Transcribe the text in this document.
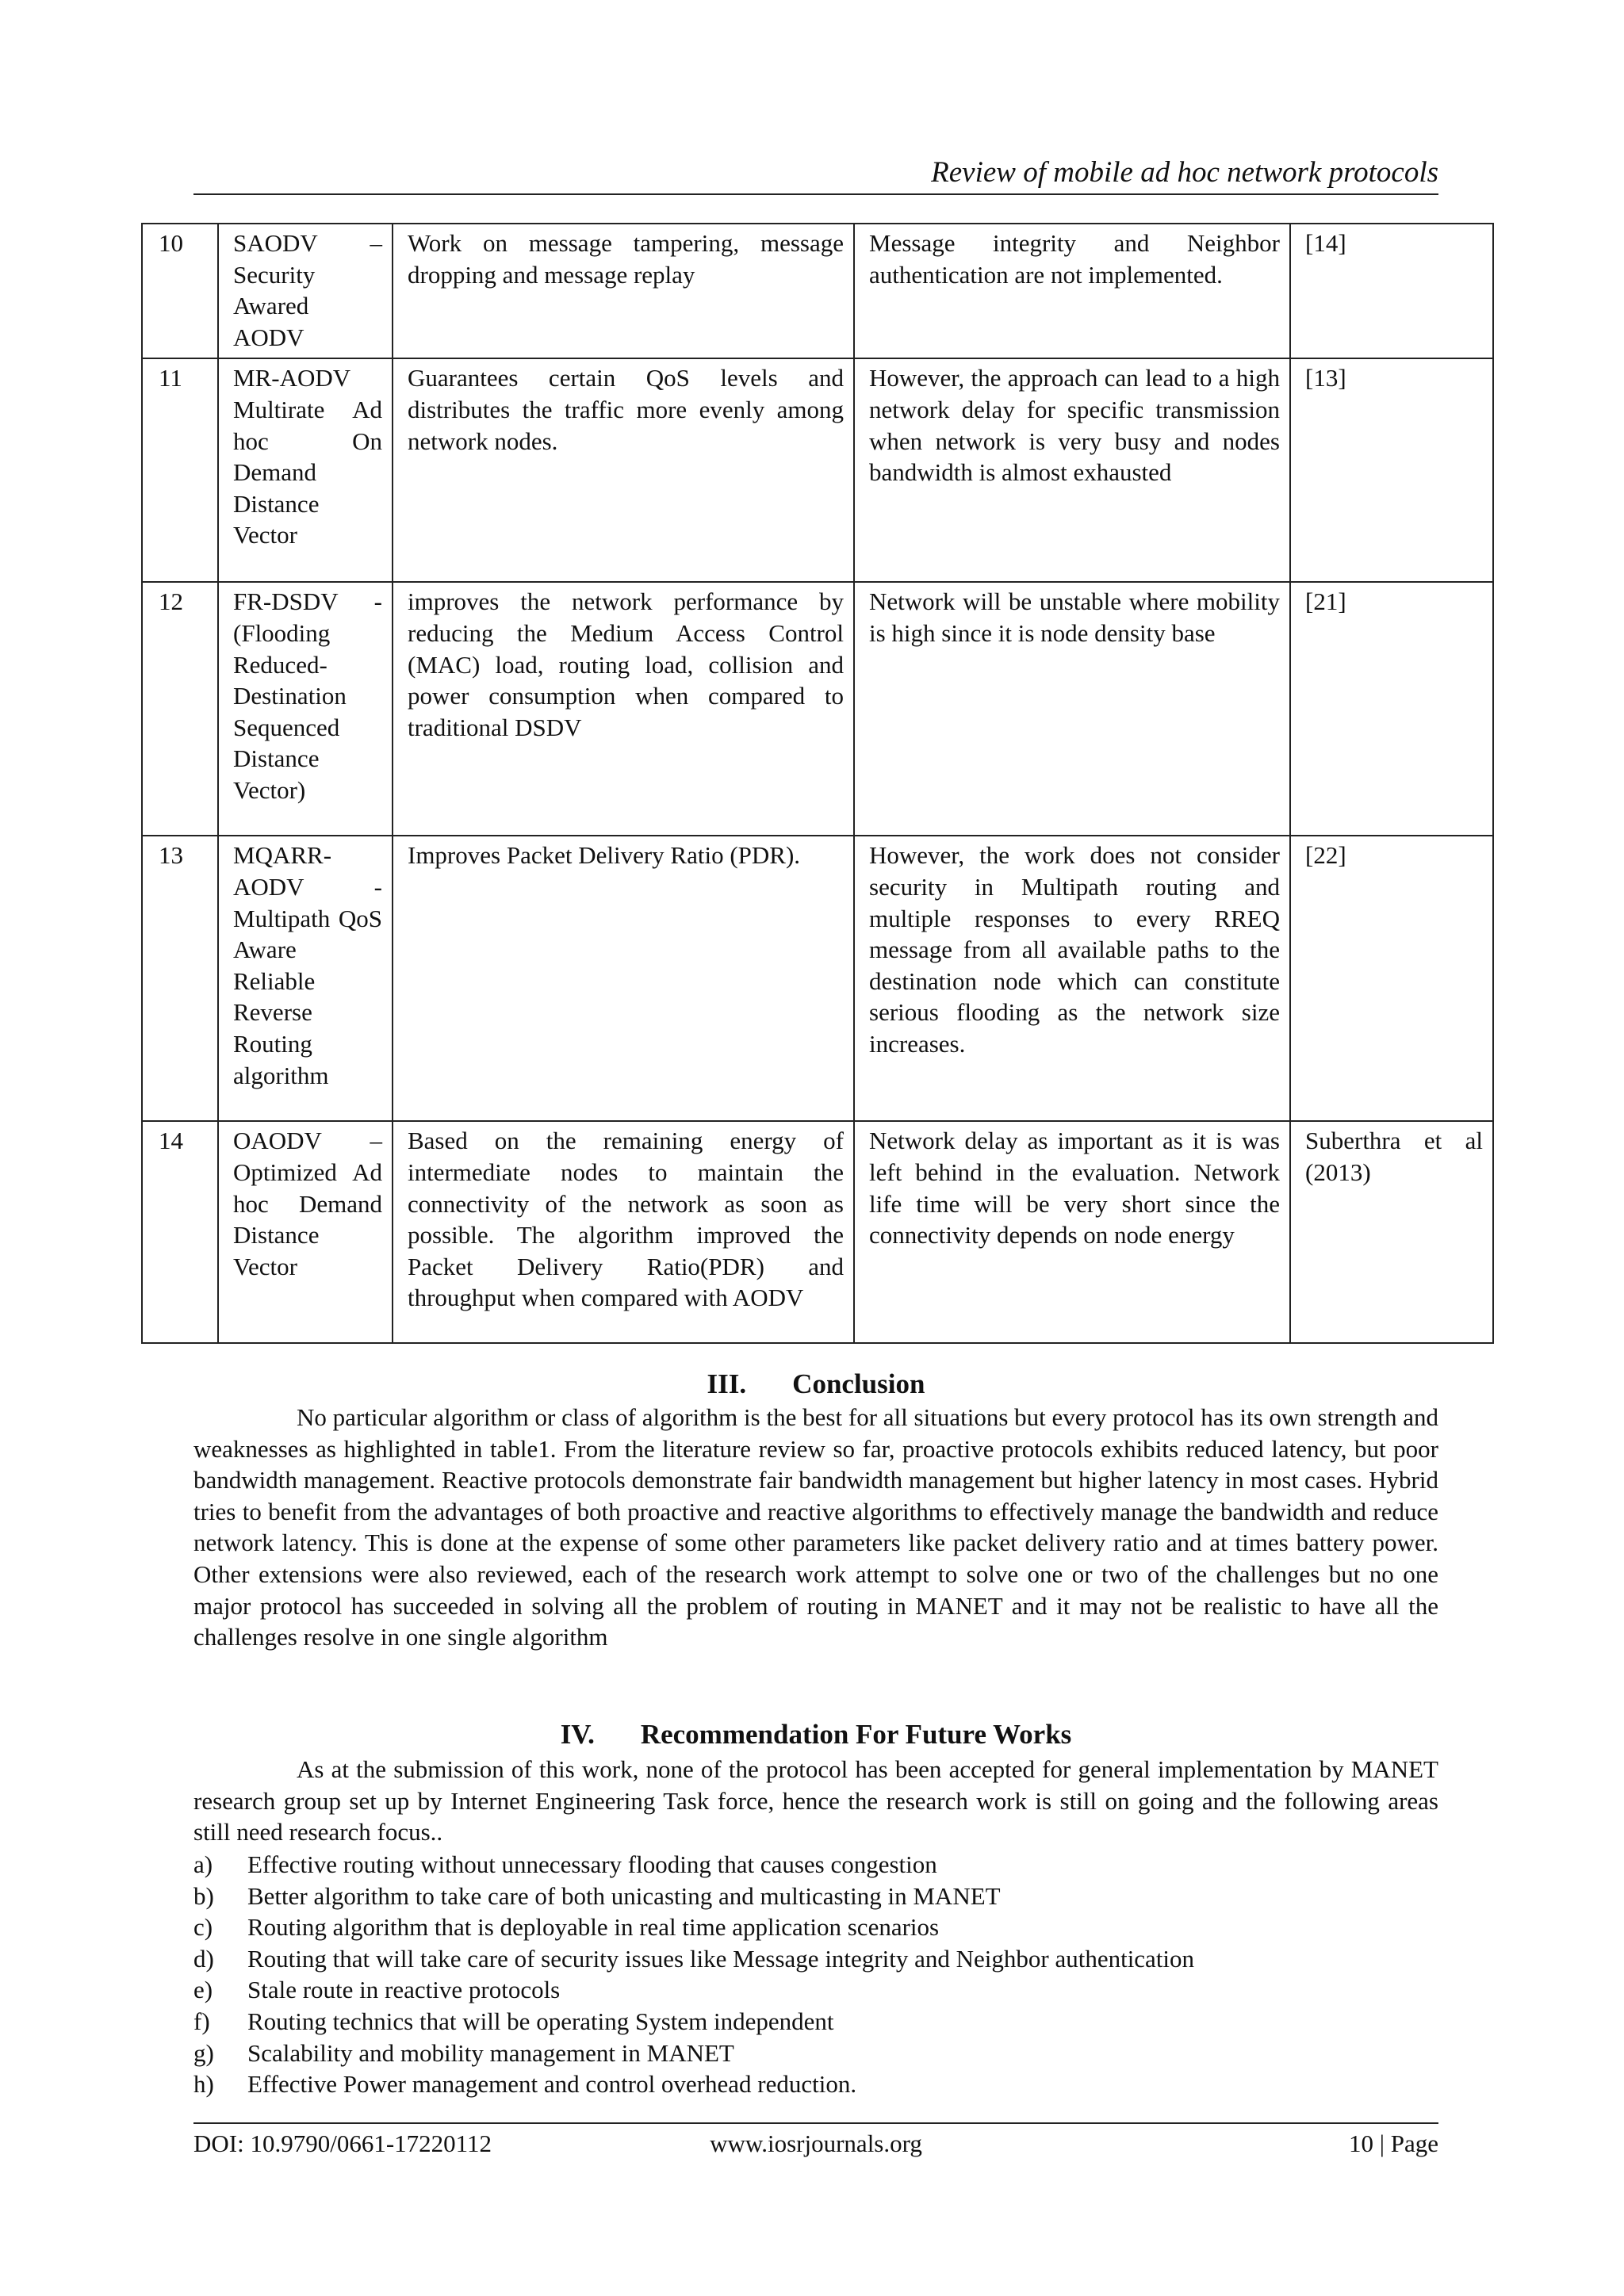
Review of mobile ad hoc network protocols
10	SAODV – Security Awared AODV	Work on message tampering, message dropping and message replay	Message integrity and Neighbor authentication are not implemented.	[14]
11	MR-AODV Multirate Ad hoc On Demand Distance Vector	Guarantees certain QoS levels and distributes the traffic more evenly among network nodes.	However, the approach can lead to a high network delay for specific transmission when network is very busy and nodes bandwidth is almost exhausted	[13]
12	FR-DSDV - (Flooding Reduced-Destination Sequenced Distance Vector)	improves the network performance by reducing the Medium Access Control (MAC) load, routing load, collision and power consumption when compared to traditional DSDV	Network will be unstable where mobility is high since it is node density base	[21]
13	MQARR-AODV - Multipath QoS Aware Reliable Reverse Routing algorithm	Improves Packet Delivery Ratio (PDR).	However, the work does not consider security in Multipath routing and multiple responses to every RREQ message from all available paths to the destination node which can constitute serious flooding as the network size increases.	[22]
14	OAODV – Optimized Ad hoc Demand Distance Vector	Based on the remaining energy of intermediate nodes to maintain the connectivity of the network as soon as possible. The algorithm improved the Packet Delivery Ratio(PDR) and throughput when compared with AODV	Network delay as important as it is was left behind in the evaluation. Network life time will be very short since the connectivity depends on node energy	Suberthra et al (2013)
III. Conclusion
No particular algorithm or class of algorithm is the best for all situations but every protocol has its own strength and weaknesses as highlighted in table1. From the literature review so far, proactive protocols exhibits reduced latency, but poor bandwidth management. Reactive protocols demonstrate fair bandwidth management but higher latency in most cases. Hybrid tries to benefit from the advantages of both proactive and reactive algorithms to effectively manage the bandwidth and reduce network latency. This is done at the expense of some other parameters like packet delivery ratio and at times battery power. Other extensions were also reviewed, each of the research work attempt to solve one or two of the challenges but no one major protocol has succeeded in solving all the problem of routing in MANET and it may not be realistic to have all the challenges resolve in one single algorithm
IV. Recommendation For Future Works
As at the submission of this work, none of the protocol has been accepted for general implementation by MANET research group set up by Internet Engineering Task force, hence the research work is still on going and the following areas still need research focus..
a) Effective routing without unnecessary flooding that causes congestion
b) Better algorithm to take care of both unicasting and multicasting in MANET
c) Routing algorithm that is deployable in real time application scenarios
d) Routing that will take care of security issues like Message integrity and Neighbor authentication
e) Stale route in reactive protocols
f) Routing technics that will be operating System independent
g) Scalability and mobility management in MANET
h) Effective Power management and control overhead reduction.
DOI: 10.9790/0661-17220112	www.iosrjournals.org	10 | Page
